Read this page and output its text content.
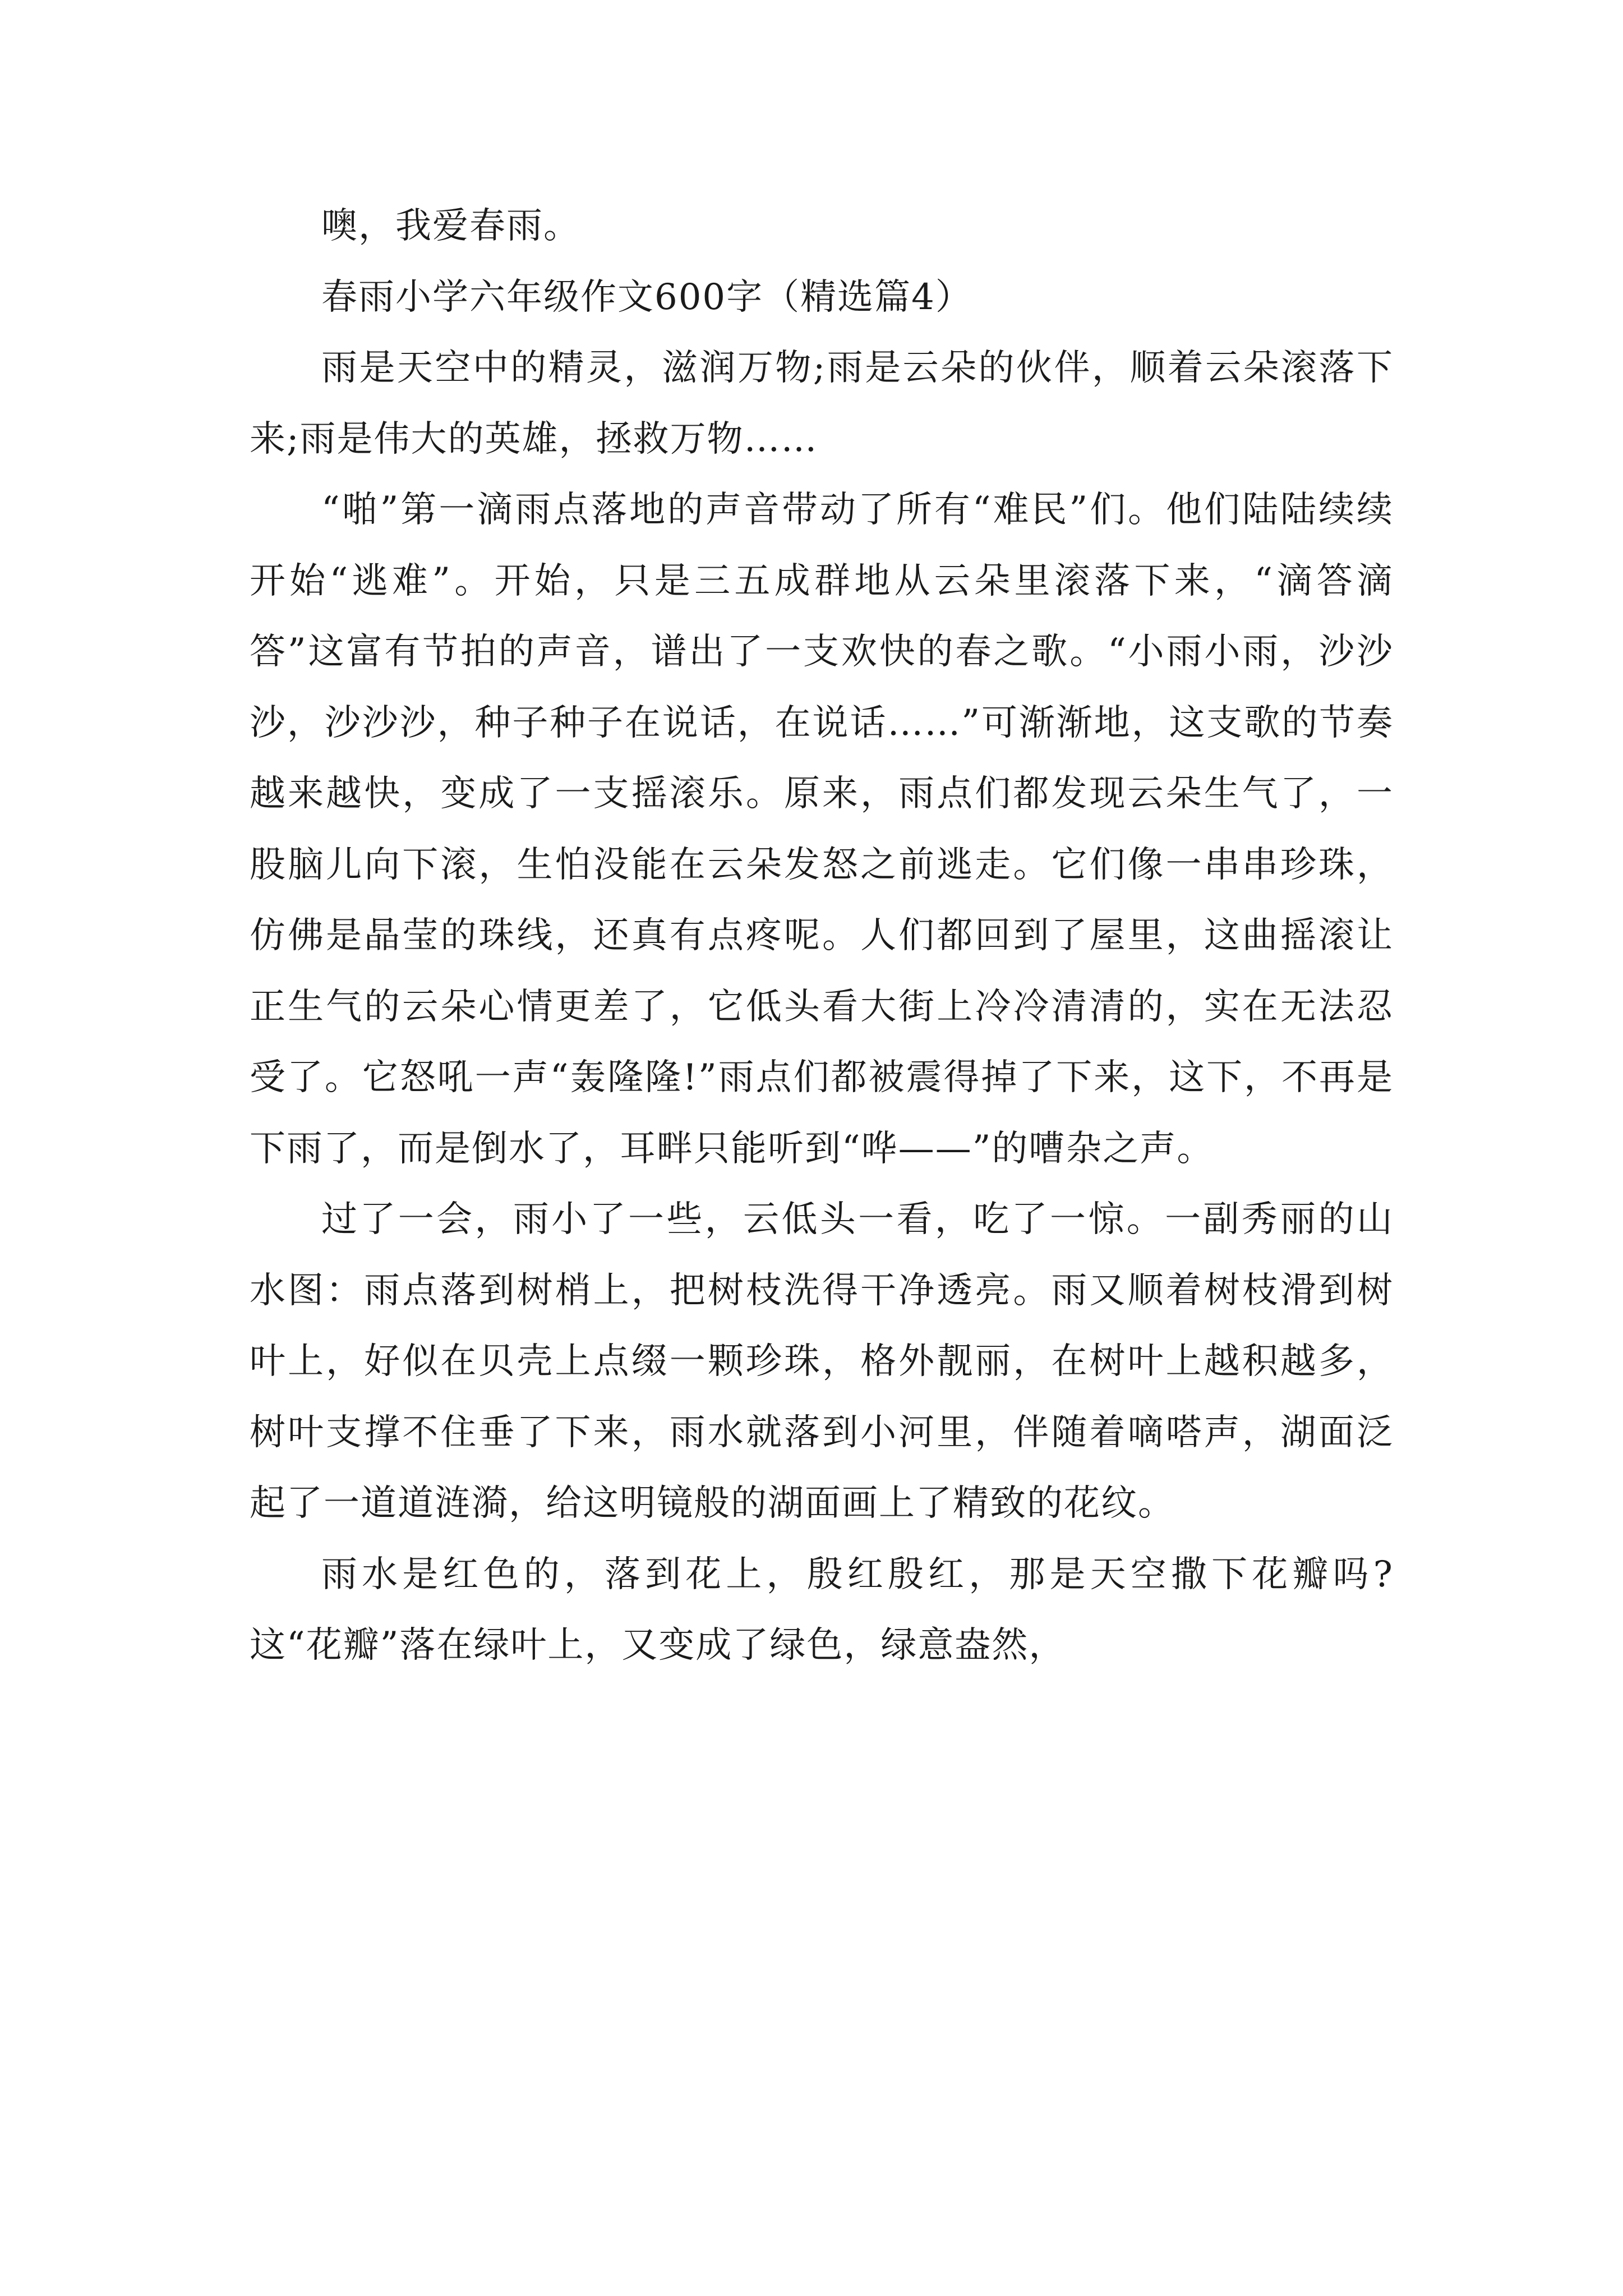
噢，我爱春雨。

春雨小学六年级作文600字（精选篇4）

雨是天空中的精灵，滋润万物;雨是云朵的伙伴，顺着云朵滚落下来;雨是伟大的英雄，拯救万物……

“啪”第一滴雨点落地的声音带动了所有“难民”们。他们陆陆续续开始“逃难”。开始，只是三五成群地从云朵里滚落下来，“滴答滴答”这富有节拍的声音，谱出了一支欢快的春之歌。“小雨小雨，沙沙沙，沙沙沙，种子种子在说话，在说话……”可渐渐地，这支歌的节奏越来越快，变成了一支摇滚乐。原来，雨点们都发现云朵生气了，一股脑儿向下滚，生怕没能在云朵发怒之前逃走。它们像一串串珍珠，仿佛是晶莹的珠线，还真有点疼呢。人们都回到了屋里，这曲摇滚让正生气的云朵心情更差了，它低头看大街上冷冷清清的，实在无法忍受了。它怒吼一声“轰隆隆!”雨点们都被震得掉了下来，这下，不再是下雨了，而是倒水了，耳畔只能听到“哗——”的嘈杂之声。

过了一会，雨小了一些，云低头一看，吃了一惊。一副秀丽的山水图：雨点落到树梢上，把树枝洗得干净透亮。雨又顺着树枝滑到树叶上，好似在贝壳上点缀一颗珍珠，格外靓丽，在树叶上越积越多，树叶支撑不住垂了下来，雨水就落到小河里，伴随着嘀嗒声，湖面泛起了一道道涟漪，给这明镜般的湖面画上了精致的花纹。

雨水是红色的，落到花上，殷红殷红，那是天空撒下花瓣吗?这“花瓣”落在绿叶上，又变成了绿色，绿意盎然，
